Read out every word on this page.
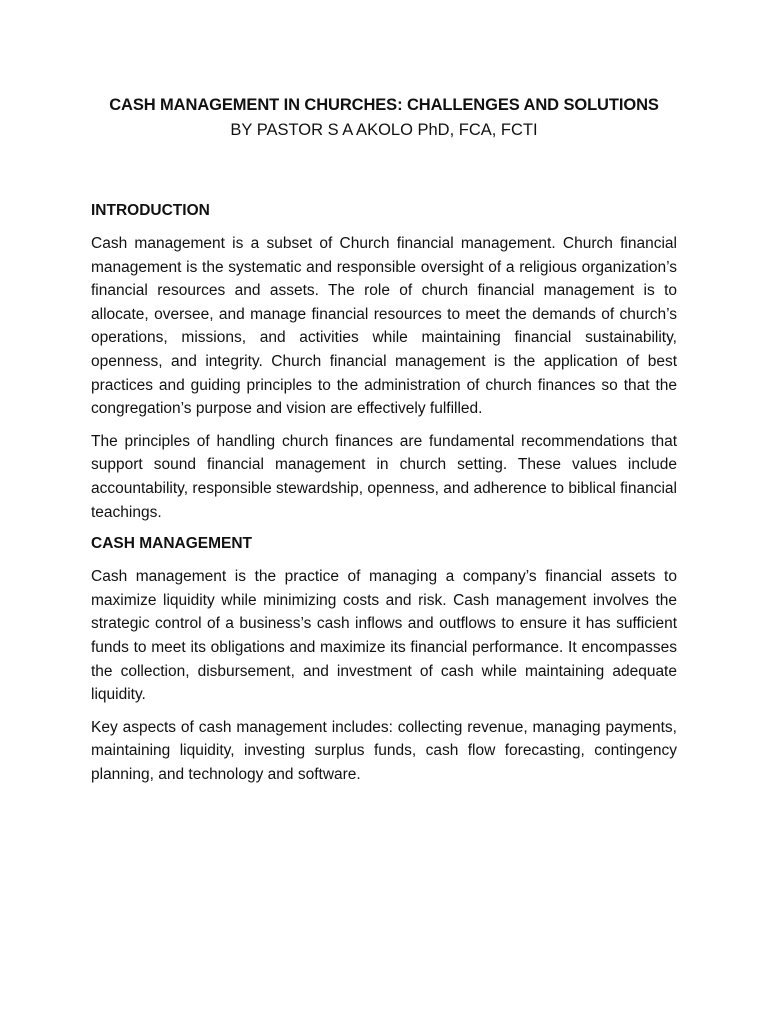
CASH MANAGEMENT IN CHURCHES: CHALLENGES AND SOLUTIONS

BY PASTOR S A AKOLO PhD, FCA, FCTI

INTRODUCTION

Cash management is a subset of Church financial management. Church financial management is the systematic and responsible oversight of a religious organization’s financial resources and assets. The role of church financial management is to allocate, oversee, and manage financial resources to meet the demands of church’s operations, missions, and activities while maintaining financial sustainability, openness, and integrity. Church financial management is the application of best practices and guiding principles to the administration of church finances so that the congregation’s purpose and vision are effectively fulfilled.

The principles of handling church finances are fundamental recommendations that support sound financial management in church setting. These values include accountability, responsible stewardship, openness, and adherence to biblical financial teachings.

CASH MANAGEMENT

Cash management is the practice of managing a company’s financial assets to maximize liquidity while minimizing costs and risk. Cash management involves the strategic control of a business’s cash inflows and outflows to ensure it has sufficient funds to meet its obligations and maximize its financial performance. It encompasses the collection, disbursement, and investment of cash while maintaining adequate liquidity.

Key aspects of cash management includes: collecting revenue, managing payments, maintaining liquidity, investing surplus funds, cash flow forecasting, contingency planning, and technology and software.
